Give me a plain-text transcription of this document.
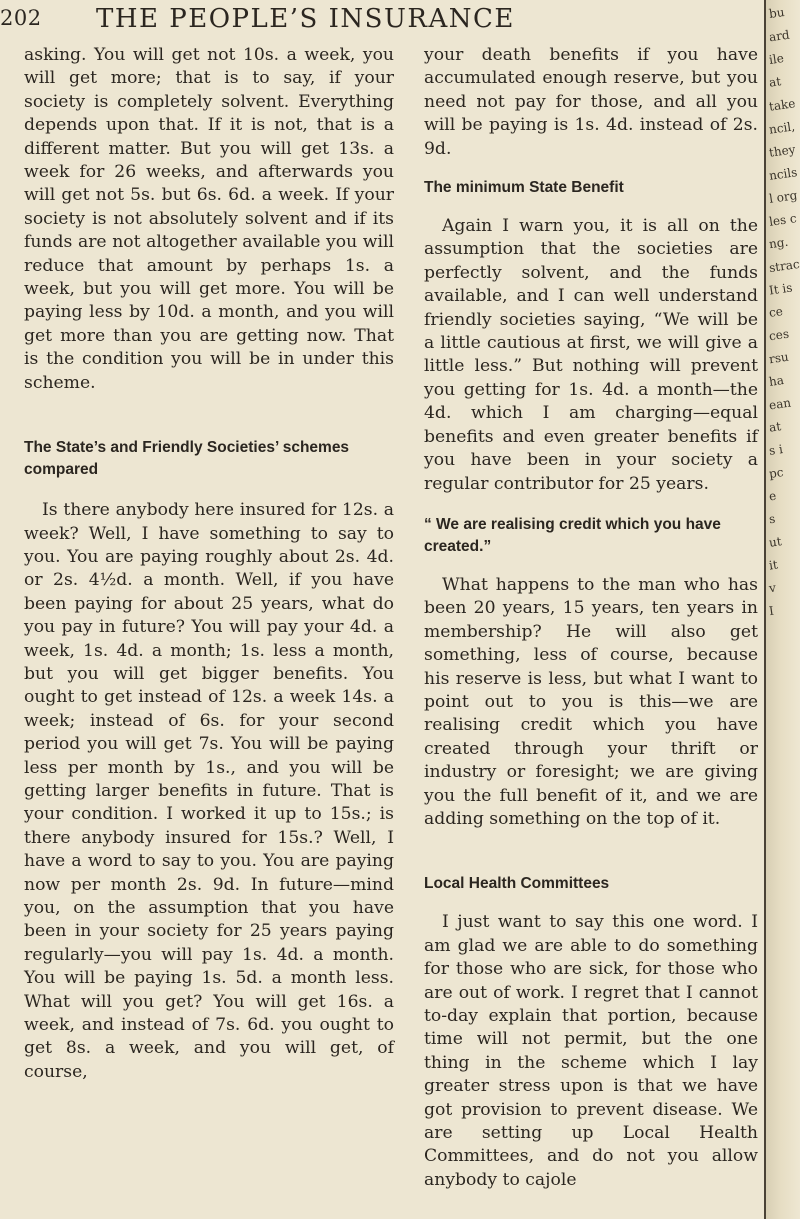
202 THE PEOPLE’S INSURANCE

asking. You will get not 10s. a week, you will get more; that is to say, if your society is completely solvent. Everything depends upon that. If it is not, that is a different matter. But you will get 13s. a week for 26 weeks, and afterwards you will get not 5s. but 6s. 6d. a week. If your society is not absolutely solvent and if its funds are not altogether available you will reduce that amount by perhaps 1s. a week, but you will get more. You will be paying less by 10d. a month, and you will get more than you are getting now. That is the condition you will be in under this scheme.

The State’s and Friendly Societies’ schemes compared

Is there anybody here insured for 12s. a week? Well, I have something to say to you. You are paying roughly about 2s. 4d. or 2s. 4½d. a month. Well, if you have been paying for about 25 years, what do you pay in future? You will pay your 4d. a week, 1s. 4d. a month; 1s. less a month, but you will get bigger benefits. You ought to get instead of 12s. a week 14s. a week; instead of 6s. for your second period you will get 7s. You will be paying less per month by 1s., and you will be getting larger benefits in future. That is your condition. I worked it up to 15s.; is there anybody insured for 15s.? Well, I have a word to say to you. You are paying now per month 2s. 9d. In future—mind you, on the assumption that you have been in your society for 25 years paying regularly—you will pay 1s. 4d. a month. You will be paying 1s. 5d. a month less. What will you get? You will get 16s. a week, and instead of 7s. 6d. you ought to get 8s. a week, and you will get, of course,

your death benefits if you have accumulated enough reserve, but you need not pay for those, and all you will be paying is 1s. 4d. instead of 2s. 9d.

The minimum State Benefit

Again I warn you, it is all on the assumption that the societies are perfectly solvent, and the funds available, and I can well understand friendly societies saying, “We will be a little cautious at first, we will give a little less.” But nothing will prevent you getting for 1s. 4d. a month—the 4d. which I am charging—equal benefits and even greater benefits if you have been in your society a regular contributor for 25 years.

“ We are realising credit which you have created.”

What happens to the man who has been 20 years, 15 years, ten years in membership? He will also get something, less of course, because his reserve is less, but what I want to point out to you is this—we are realising credit which you have created through your thrift or industry or foresight; we are giving you the full benefit of it, and we are adding something on the top of it.

Local Health Committees

I just want to say this one word. I am glad we are able to do something for those who are sick, for those who are out of work. I regret that I cannot to-day explain that portion, because time will not permit, but the one thing in the scheme which I lay greater stress upon is that we have got provision to prevent disease. We are setting up Local Health Committees, and do not you allow anybody to cajole

bu
ard
ile
at
take
ncil,
they
ncils
l org
les c
ng.
strac
It is
ce
ces
rsu
ha
ean
at
s i
pc
e
s
ut
it
v
I
